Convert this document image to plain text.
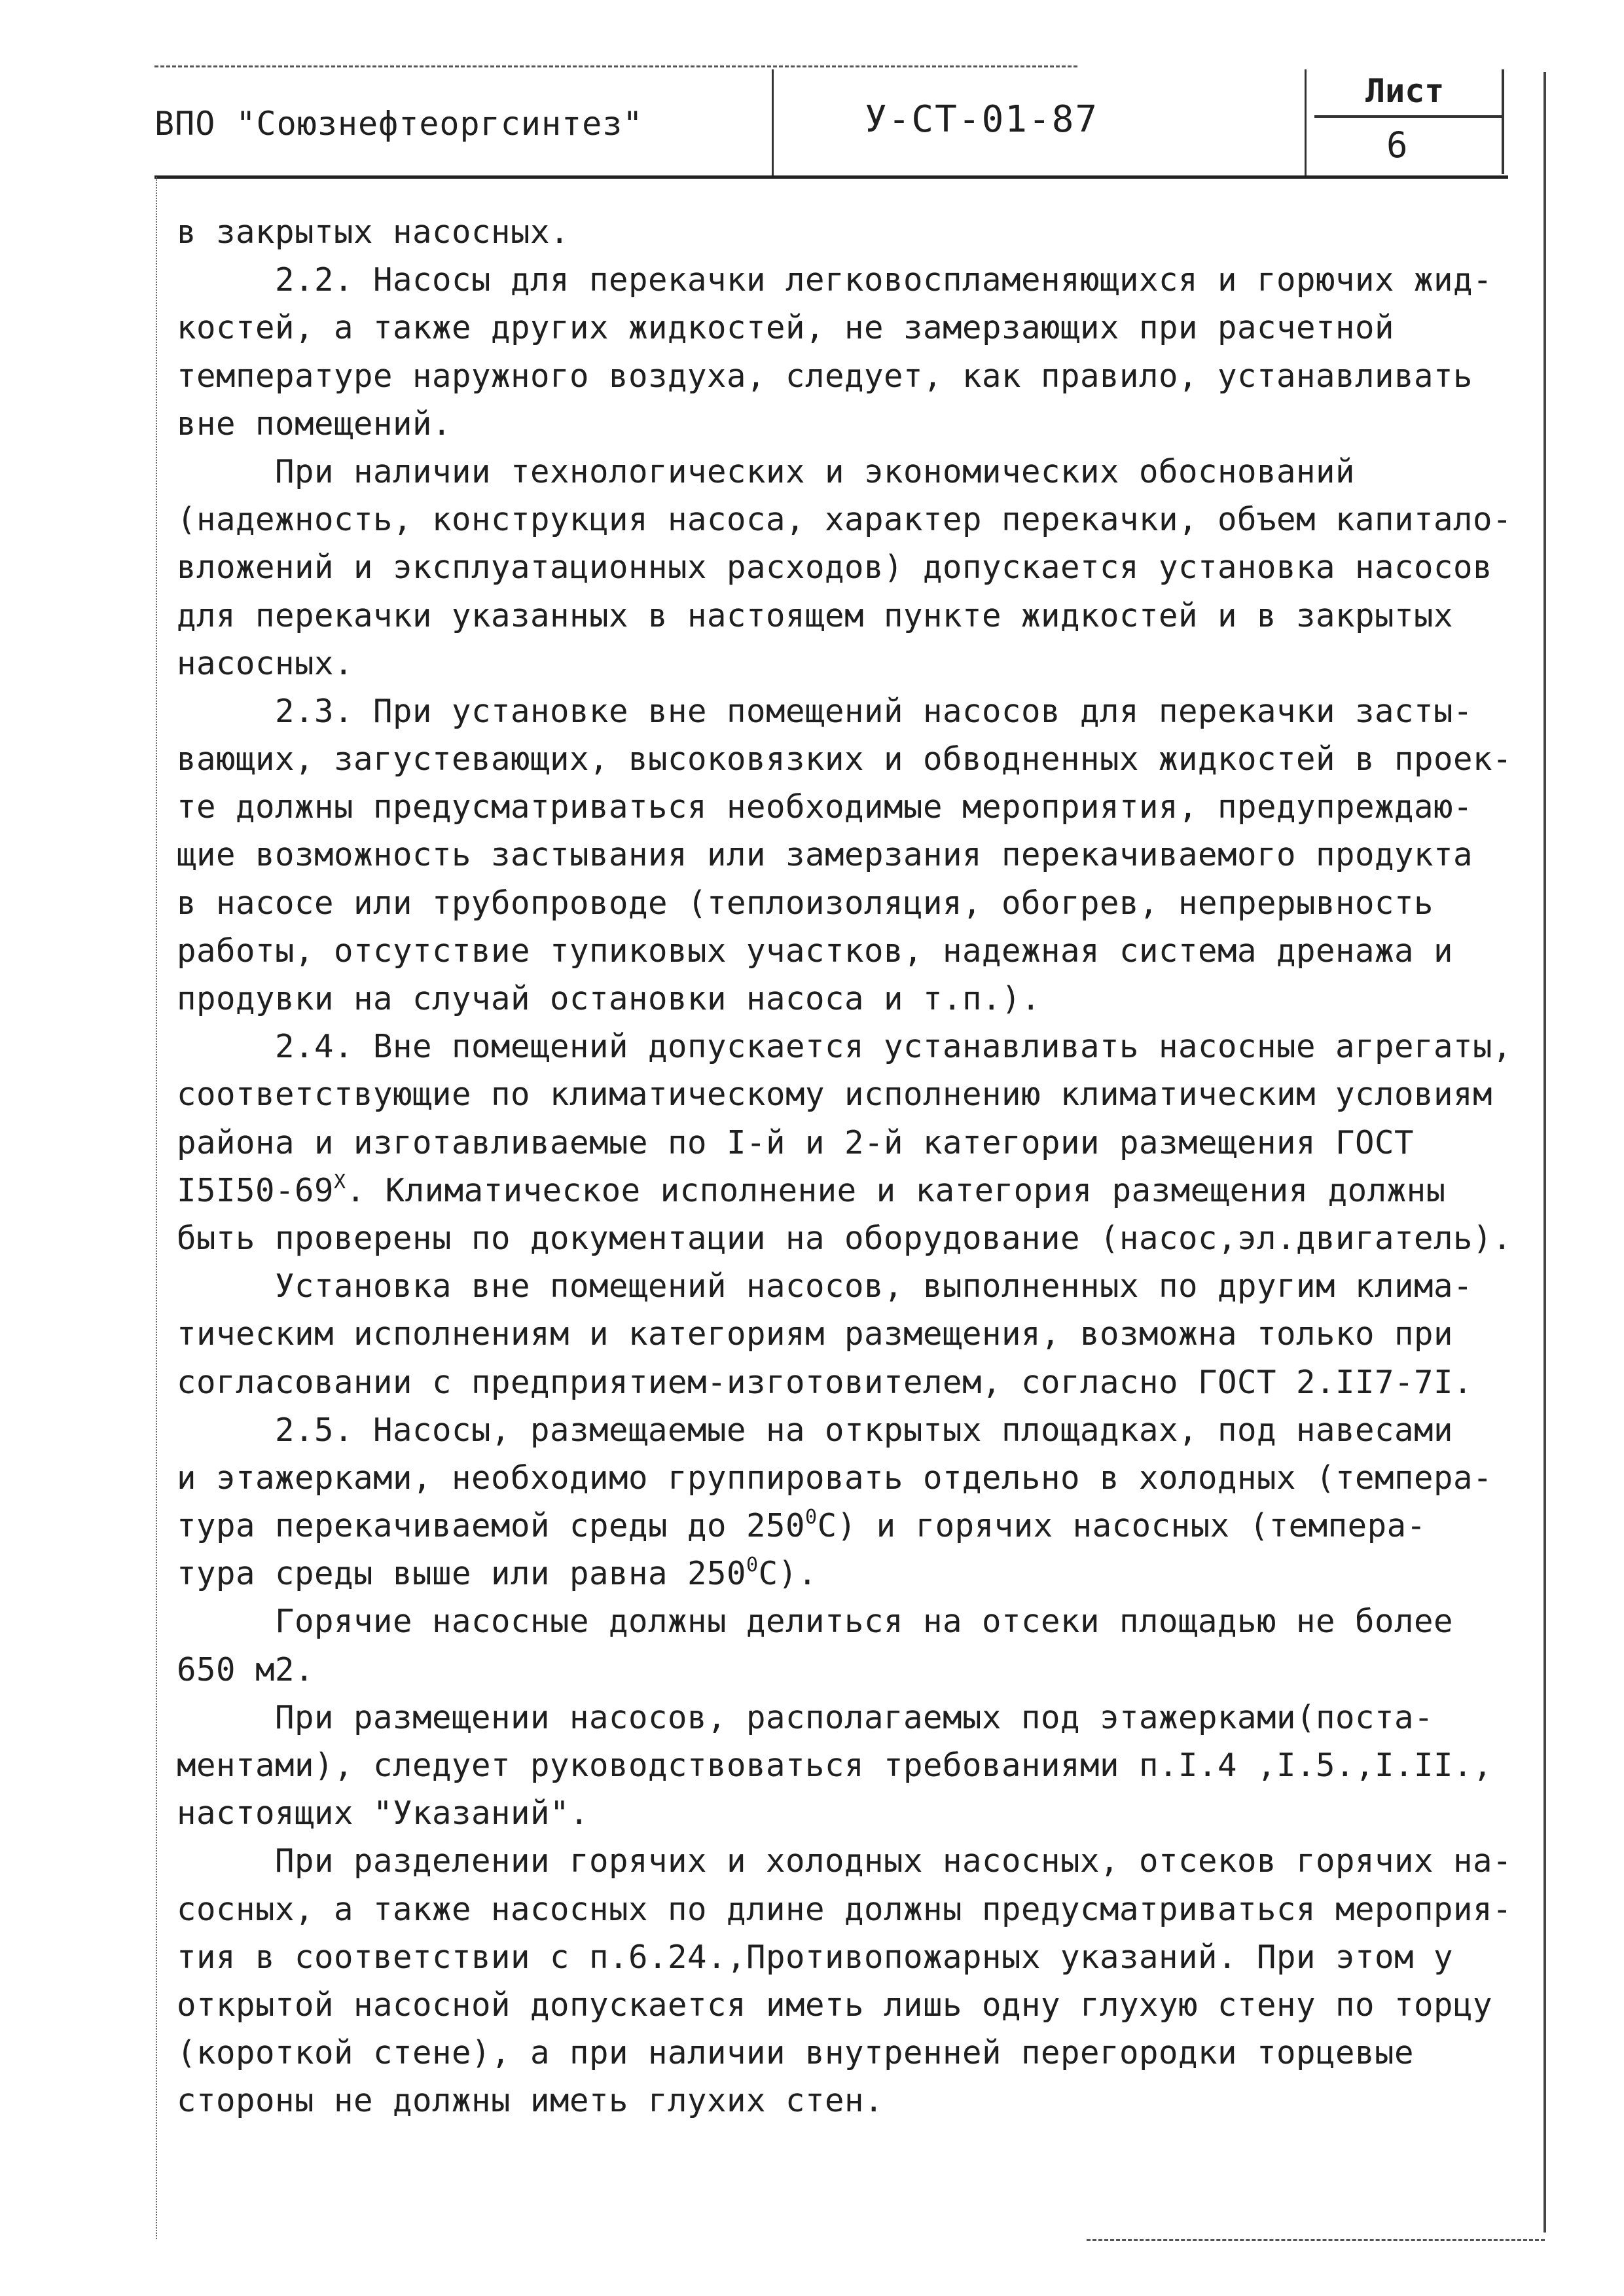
ВПО "Союзнефтеоргсинтез"	У-СТ-01-87
Лист
6
в закрытых насосных.
2.2. Насосы для перекачки легковоспламеняющихся и горючих жид-
костей, а также других жидкостей, не замерзающих при расчетной
температуре наружного воздуха, следует, как правило, устанавливать
вне помещений.
При наличии технологических и экономических обоснований
(надежность, конструкция насоса, характер перекачки, объем капитало-
вложений и эксплуатационных расходов) допускается установка насосов
для перекачки указанных в настоящем пункте жидкостей и в закрытых
насосных.
2.3. При установке вне помещений насосов для перекачки засты-
вающих, загустевающих, высоковязких и обводненных жидкостей в проек-
те должны предусматриваться необходимые мероприятия, предупреждаю-
щие возможность застывания или замерзания перекачиваемого продукта
в насосе или трубопроводе (теплоизоляция, обогрев, непрерывность
работы, отсутствие тупиковых участков, надежная система дренажа и
продувки на случай остановки насоса и т.п.).
2.4. Вне помещений допускается устанавливать насосные агрегаты,
соответствующие по климатическому исполнению климатическим условиям
района и изготавливаемые по I-й и 2-й категории размещения ГОСТ
$I5I50-69^X$. Климатическое исполнение и категория размещения должны
быть проверены по документации на оборудование (насос,эл.двигатель).
Установка вне помещений насосов, выполненных по другим клима-
тическим исполнениям и категориям размещения, возможна только при
согласовании с предприятием-изготовителем, согласно ГОСТ 2.II7-7I.
2.5. Насосы, размещаемые на открытых площадках, под навесами
и этажерками, необходимо группировать отдельно в холодных (темпера-
тура перекачиваемой среды до $250^0С$) и горячих насосных (темпера-
тура среды выше или равна $250^0С$).
Горячие насосные должны делиться на отсеки площадью не более
650 м2.
При размещении насосов, располагаемых под этажерками(поста-
ментами), следует руководствоваться требованиями п.I.4 ,I.5.,I.II.,
настоящих "Указаний".
При разделении горячих и холодных насосных, отсеков горячих на-
сосных, а также насосных по длине должны предусматриваться мероприя-
тия в соответствии с п.6.24.,Противопожарных указаний. При этом у
открытой насосной допускается иметь лишь одну глухую стену по торцу
(короткой стене), а при наличии внутренней перегородки торцевые
стороны не должны иметь глухих стен.
